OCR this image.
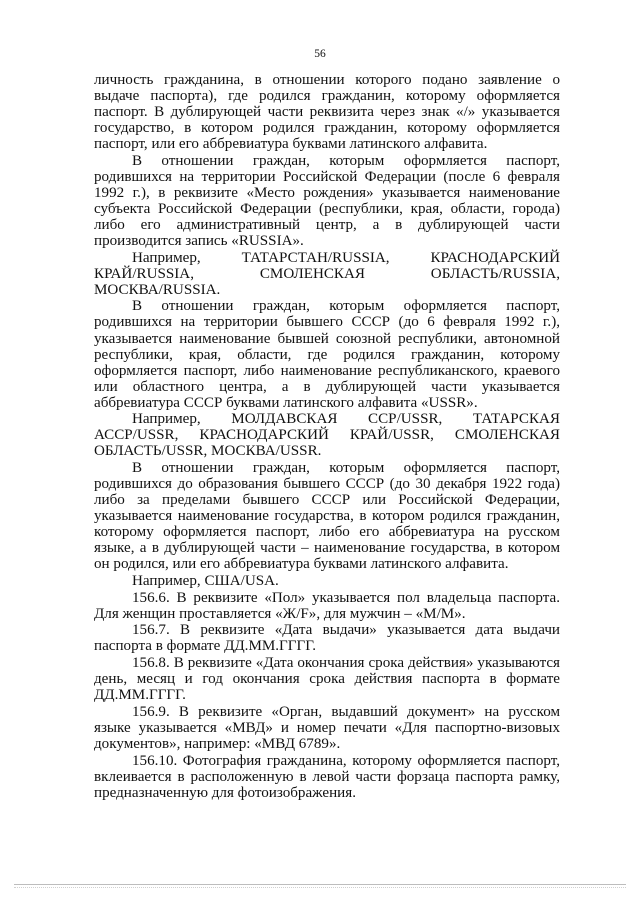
56

личность гражданина, в отношении которого подано заявление о выдаче паспорта), где родился гражданин, которому оформляется паспорт. В дублирующей части реквизита через знак «/» указывается государство, в котором родился гражданин, которому оформляется паспорт, или его аббревиатура буквами латинского алфавита.

В отношении граждан, которым оформляется паспорт, родившихся на территории Российской Федерации (после 6 февраля 1992 г.), в реквизите «Место рождения» указывается наименование субъекта Российской Федерации (республики, края, области, города) либо его административный центр, а в дублирующей части производится запись «RUSSIA».

Например, ТАТАРСТАН/RUSSIA, КРАСНОДАРСКИЙ КРАЙ/RUSSIA, СМОЛЕНСКАЯ ОБЛАСТЬ/RUSSIA, МОСКВА/RUSSIA.

В отношении граждан, которым оформляется паспорт, родившихся на территории бывшего СССР (до 6 февраля 1992 г.), указывается наименование бывшей союзной республики, автономной республики, края, области, где родился гражданин, которому оформляется паспорт, либо наименование республиканского, краевого или областного центра, а в дублирующей части указывается аббревиатура СССР буквами латинского алфавита «USSR».

Например, МОЛДАВСКАЯ ССР/USSR, ТАТАРСКАЯ АССР/USSR, КРАСНОДАРСКИЙ КРАЙ/USSR, СМОЛЕНСКАЯ ОБЛАСТЬ/USSR, МОСКВА/USSR.

В отношении граждан, которым оформляется паспорт, родившихся до образования бывшего СССР (до 30 декабря 1922 года) либо за пределами бывшего СССР или Российской Федерации, указывается наименование государства, в котором родился гражданин, которому оформляется паспорт, либо его аббревиатура на русском языке, а в дублирующей части – наименование государства, в котором он родился, или его аббревиатура буквами латинского алфавита.

Например, США/USA.

156.6. В реквизите «Пол» указывается пол владельца паспорта. Для женщин проставляется «Ж/F», для мужчин – «М/М».

156.7. В реквизите «Дата выдачи» указывается дата выдачи паспорта в формате ДД.ММ.ГГГГ.

156.8. В реквизите «Дата окончания срока действия» указываются день, месяц и год окончания срока действия паспорта в формате ДД.ММ.ГГГГ.

156.9. В реквизите «Орган, выдавший документ» на русском языке указывается «МВД» и номер печати «Для паспортно-визовых документов», например: «МВД 6789».

156.10. Фотография гражданина, которому оформляется паспорт, вклеивается в расположенную в левой части форзаца паспорта рамку, предназначенную для фотоизображения.
